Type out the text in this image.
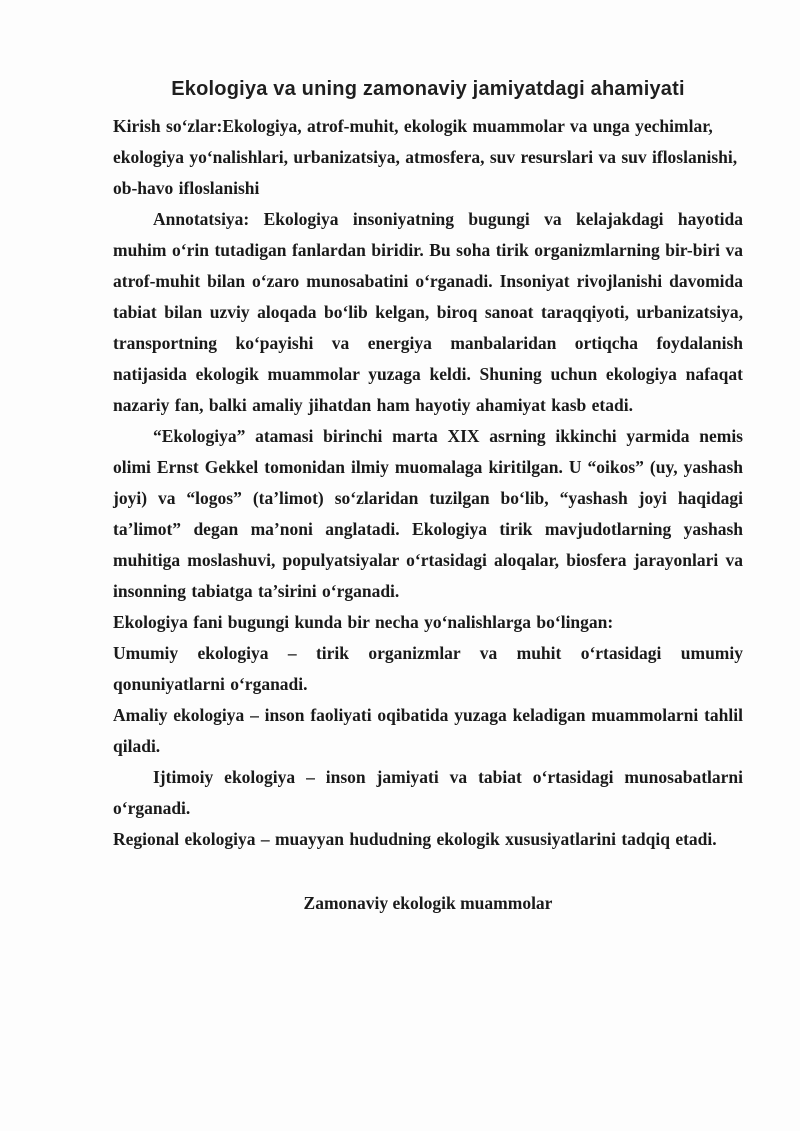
Ekologiya va uning zamonaviy jamiyatdagi ahamiyati

Kirish so‘zlar:Ekologiya, atrof-muhit, ekologik muammolar va unga yechimlar, ekologiya yo‘nalishlari, urbanizatsiya, atmosfera, suv resurslari va suv ifloslanishi, ob-havo ifloslanishi

Annotatsiya: Ekologiya insoniyatning bugungi va kelajakdagi hayotida muhim o‘rin tutadigan fanlardan biridir. Bu soha tirik organizmlarning bir-biri va atrof-muhit bilan o‘zaro munosabatini o‘rganadi. Insoniyat rivojlanishi davomida tabiat bilan uzviy aloqada bo‘lib kelgan, biroq sanoat taraqqiyoti, urbanizatsiya, transportning ko‘payishi va energiya manbalaridan ortiqcha foydalanish natijasida ekologik muammolar yuzaga keldi. Shuning uchun ekologiya nafaqat nazariy fan, balki amaliy jihatdan ham hayotiy ahamiyat kasb etadi.

“Ekologiya” atamasi birinchi marta XIX asrning ikkinchi yarmida nemis olimi Ernst Gekkel tomonidan ilmiy muomalaga kiritilgan. U “oikos” (uy, yashash joyi) va “logos” (ta’limot) so‘zlaridan tuzilgan bo‘lib, “yashash joyi haqidagi ta’limot” degan ma’noni anglatadi. Ekologiya tirik mavjudotlarning yashash muhitiga moslashuvi, populyatsiyalar o‘rtasidagi aloqalar, biosfera jarayonlari va insonning tabiatga ta’sirini o‘rganadi.

Ekologiya fani bugungi kunda bir necha yo‘nalishlarga bo‘lingan:

Umumiy ekologiya – tirik organizmlar va muhit o‘rtasidagi umumiy qonuniyatlarni o‘rganadi.

Amaliy ekologiya – inson faoliyati oqibatida yuzaga keladigan muammolarni tahlil qiladi.

Ijtimoiy ekologiya – inson jamiyati va tabiat o‘rtasidagi munosabatlarni o‘rganadi.

Regional ekologiya – muayyan hududning ekologik xususiyatlarini tadqiq etadi.

Zamonaviy ekologik muammolar
